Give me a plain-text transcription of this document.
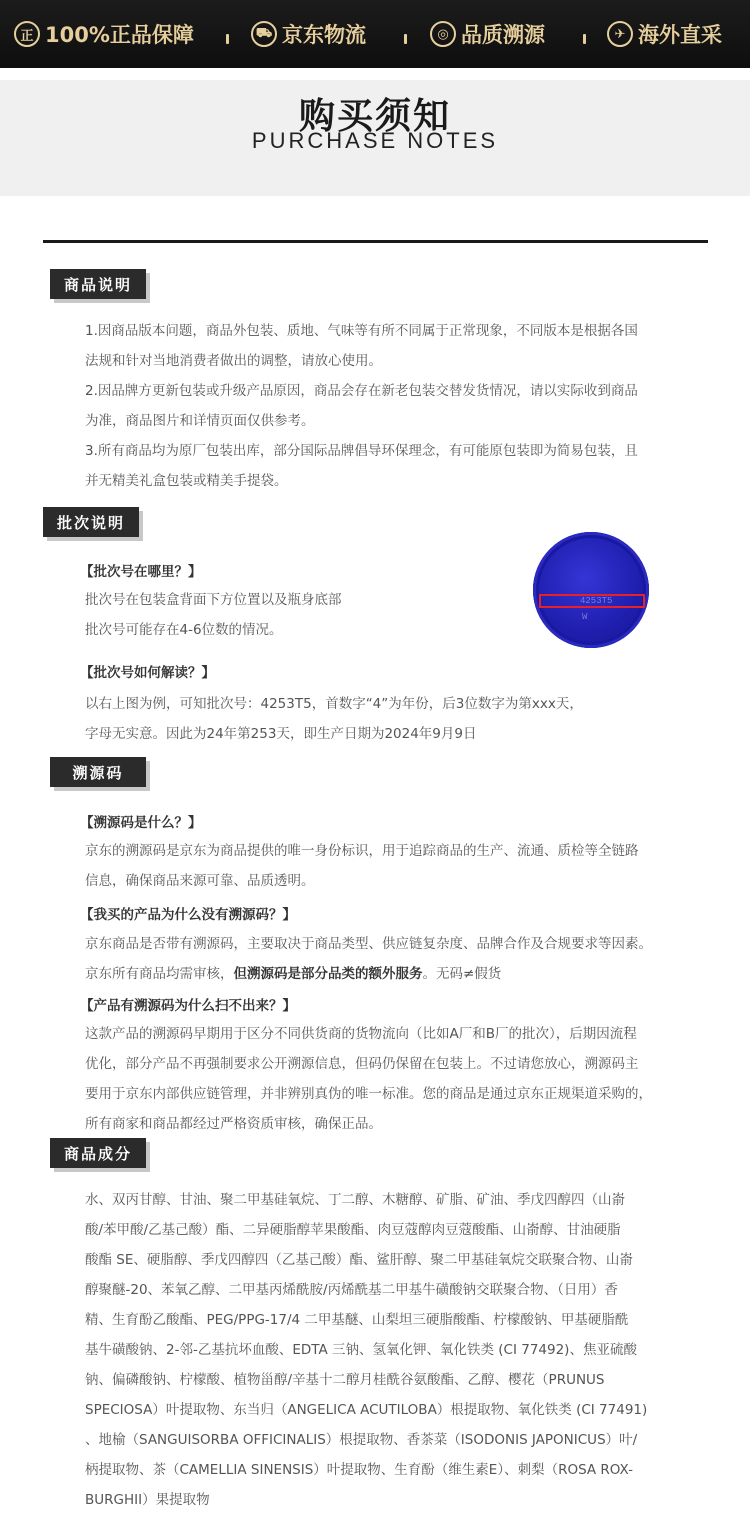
正 100%正品保障	⛟ 京东物流	◎ 品质溯源	✈ 海外直采
购买须知
PURCHASE NOTES
商品说明
1.因商品版本问题，商品外包装、质地、气味等有所不同属于正常现象，不同版本是根据各国
法规和针对当地消费者做出的调整，请放心使用。
2.因品牌方更新包装或升级产品原因，商品会存在新老包装交替发货情况，请以实际收到商品
为准，商品图片和详情页面仅供参考。
3.所有商品均为原厂包装出库，部分国际品牌倡导环保理念，有可能原包装即为简易包装，且
并无精美礼盒包装或精美手提袋。
批次说明
【批次号在哪里？】
批次号在包装盒背面下方位置以及瓶身底部
批次号可能存在4-6位数的情况。
【批次号如何解读？】
以右上图为例，可知批次号：4253T5，首数字“4”为年份，后3位数字为第xxx天，
字母无实意。因此为24年第253天，即生产日期为2024年9月9日
4253T5
W
溯源码
【溯源码是什么？】
京东的溯源码是京东为商品提供的唯一身份标识，用于追踪商品的生产、流通、质检等全链路
信息，确保商品来源可靠、品质透明。
【我买的产品为什么没有溯源码？】
京东商品是否带有溯源码，主要取决于商品类型、供应链复杂度、品牌合作及合规要求等因素。
京东所有商品均需审核，但溯源码是部分品类的额外服务。无码≠假货
【产品有溯源码为什么扫不出来？】
这款产品的溯源码早期用于区分不同供货商的货物流向（比如A厂和B厂的批次），后期因流程
优化，部分产品不再强制要求公开溯源信息，但码仍保留在包装上。不过请您放心，溯源码主
要用于京东内部供应链管理，并非辨别真伪的唯一标准。您的商品是通过京东正规渠道采购的，
所有商家和商品都经过严格资质审核，确保正品。
商品成分
水、双丙甘醇、甘油、聚二甲基硅氧烷、丁二醇、木糖醇、矿脂、矿油、季戊四醇四（山嵛
酸/苯甲酸/乙基己酸）酯、二异硬脂醇苹果酸酯、肉豆蔻醇肉豆蔻酸酯、山嵛醇、甘油硬脂
酸酯 SE、硬脂醇、季戊四醇四（乙基己酸）酯、鲨肝醇、聚二甲基硅氧烷交联聚合物、山嵛
醇聚醚-20、苯氧乙醇、二甲基丙烯酰胺/丙烯酰基二甲基牛磺酸钠交联聚合物、（日用）香
精、生育酚乙酸酯、PEG/PPG-17/4 二甲基醚、山梨坦三硬脂酸酯、柠檬酸钠、甲基硬脂酰
基牛磺酸钠、2-邻-乙基抗坏血酸、EDTA 三钠、氢氧化钾、氧化铁类 (CI 77492)、焦亚硫酸
钠、偏磷酸钠、柠檬酸、植物甾醇/辛基十二醇月桂酰谷氨酸酯、乙醇、樱花（PRUNUS
SPECIOSA）叶提取物、东当归（ANGELICA ACUTILOBA）根提取物、氧化铁类 (CI 77491)
、地榆（SANGUISORBA OFFICINALIS）根提取物、香茶菜（ISODONIS JAPONICUS）叶/
柄提取物、茶（CAMELLIA SINENSIS）叶提取物、生育酚（维生素E）、刺梨（ROSA ROX-
BURGHII）果提取物
